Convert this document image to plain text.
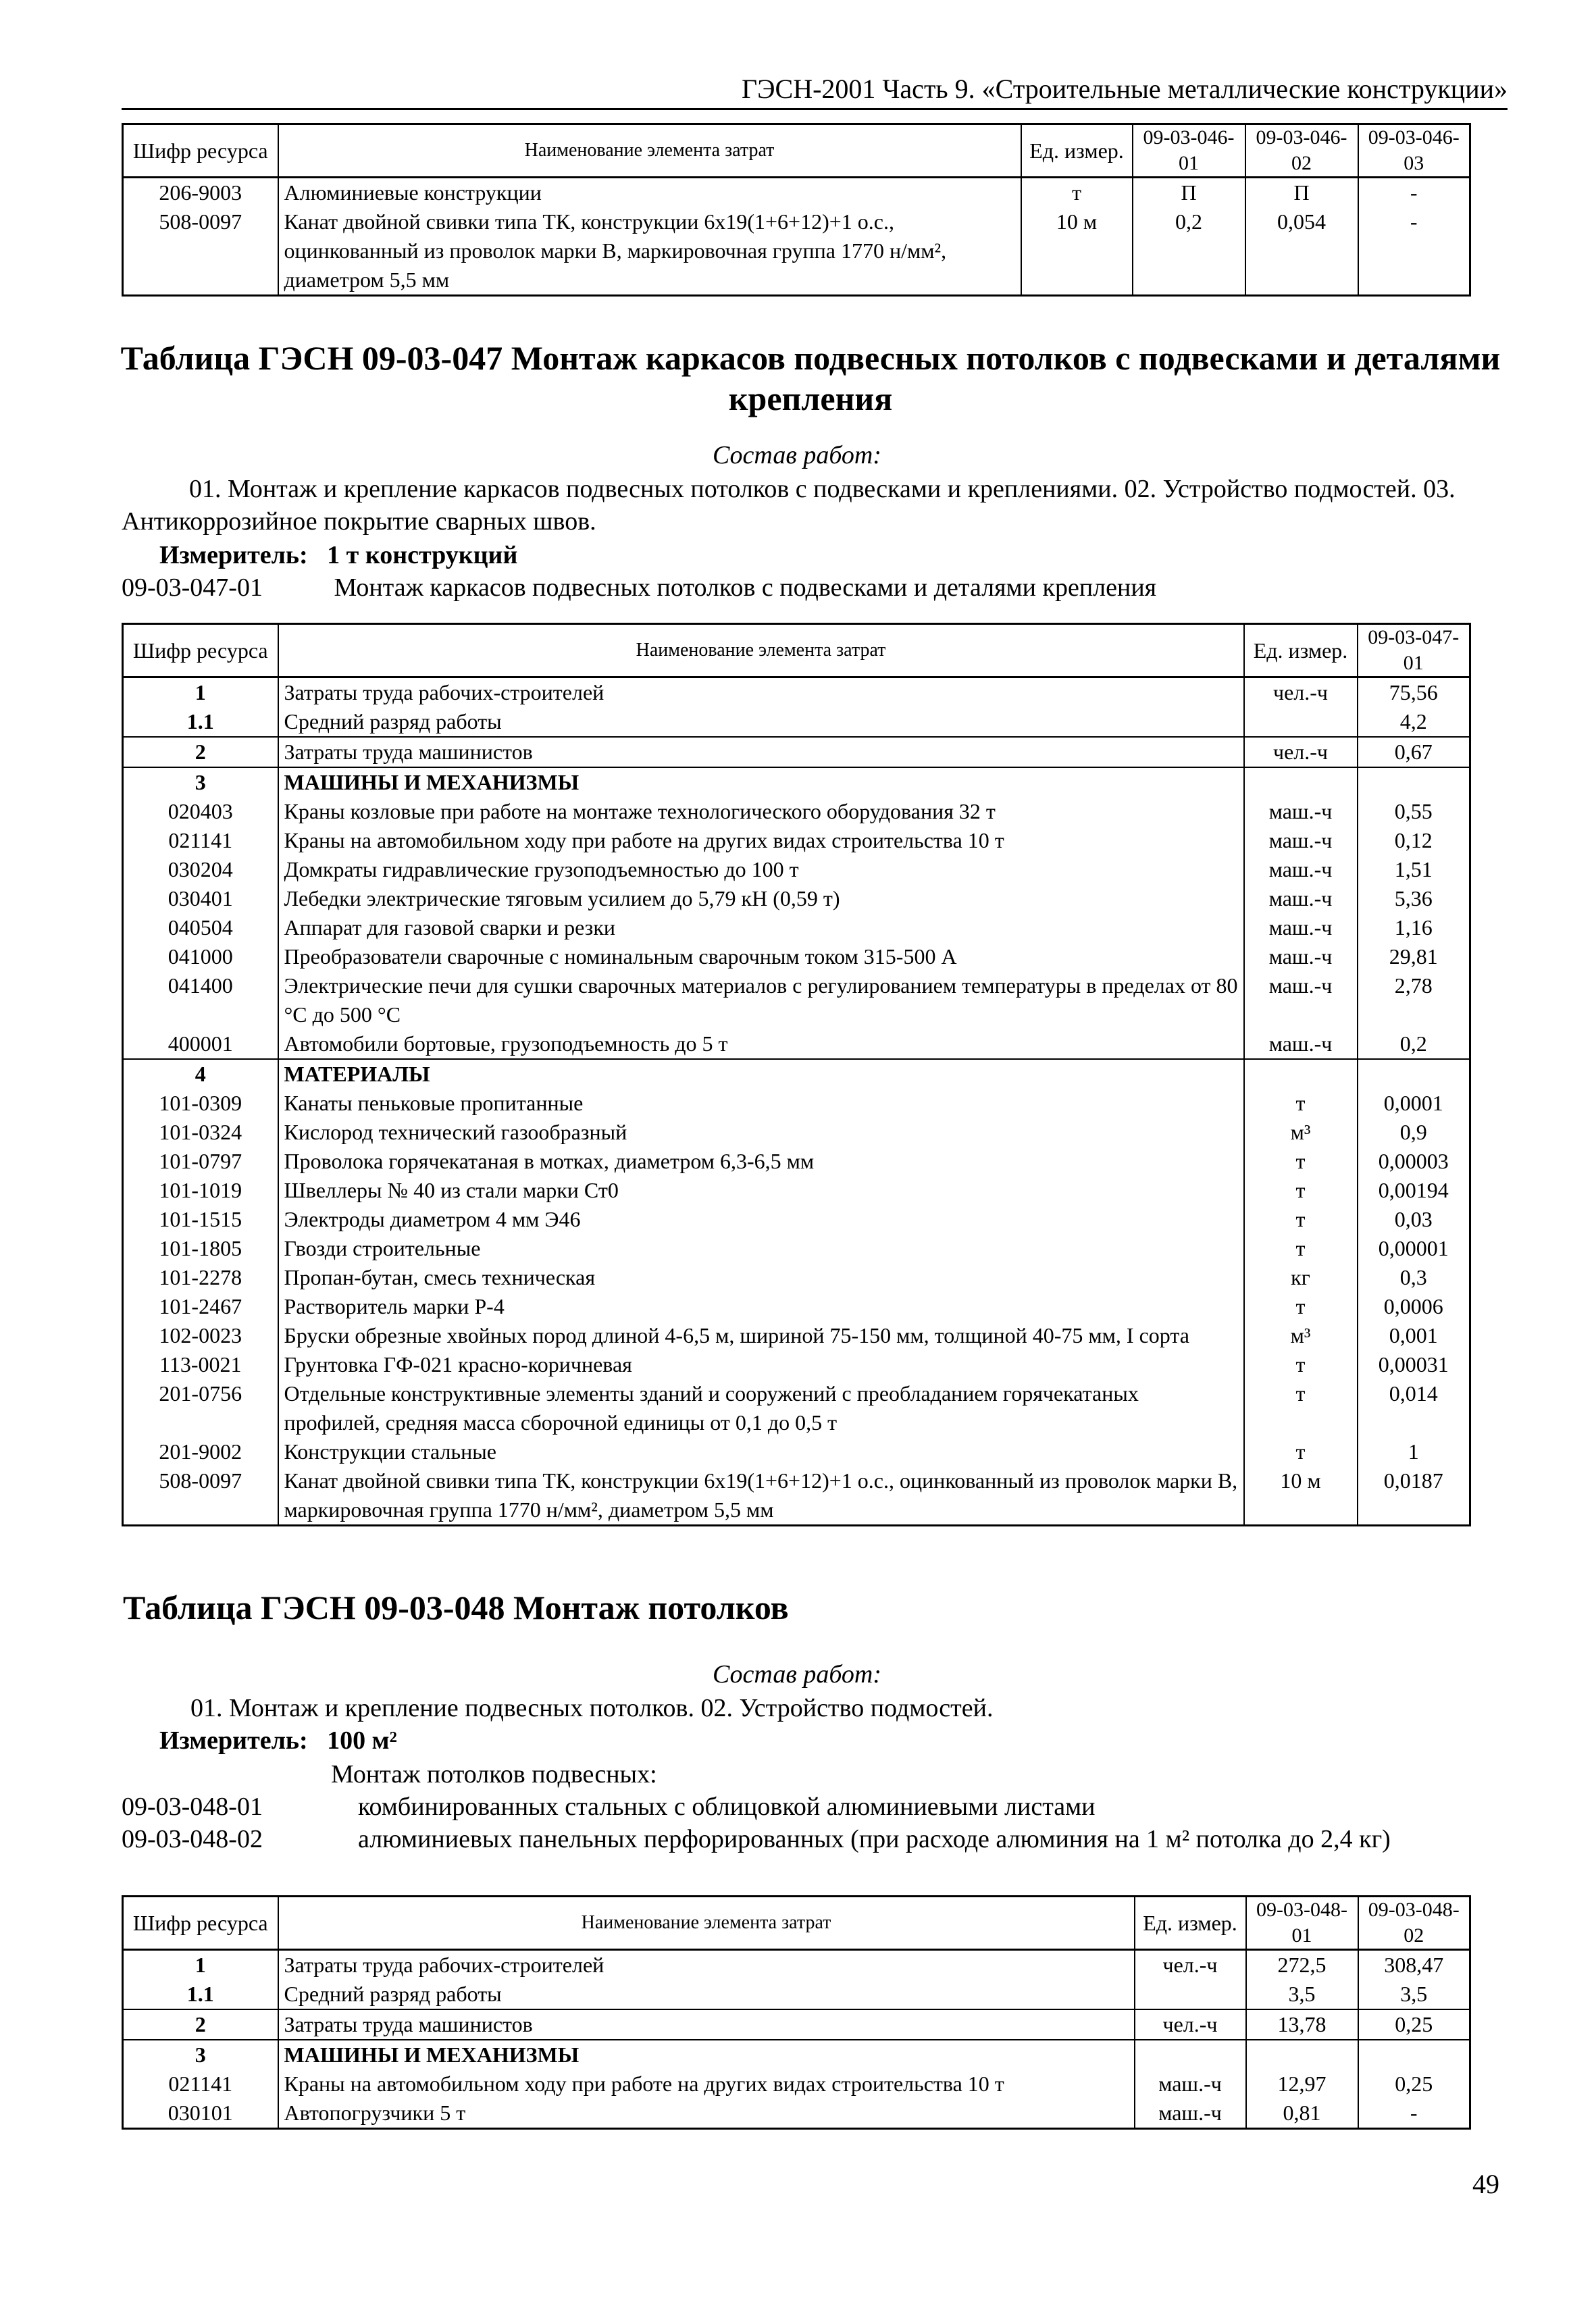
ГЭСН-2001 Часть 9. «Строительные металлические конструкции»
Шифр ресурса	Наименование элемента затрат	Ед. измер.	09-03-046-01	09-03-046-02	09-03-046-03
206-9003	Алюминиевые конструкции	т	П	П	-
508-0097	Канат двойной свивки типа ТК, конструкции 6х19(1+6+12)+1 о.с., оцинкованный из проволок марки В, маркировочная группа 1770 н/мм², диаметром 5,5 мм	10 м	0,2	0,054	-
Таблица ГЭСН 09-03-047 Монтаж каркасов подвесных потолков с подвесками и деталями крепления
Состав работ:
01. Монтаж и крепление каркасов подвесных потолков с подвесками и креплениями. 02. Устройство подмостей. 03. Антикоррозийное покрытие сварных швов.
Измеритель: 1 т конструкций
09-03-047-01	Монтаж каркасов подвесных потолков с подвесками и деталями крепления
Шифр ресурса	Наименование элемента затрат	Ед. измер.	09-03-047-01
1	Затраты труда рабочих-строителей	чел.-ч	75,56
1.1	Средний разряд работы		4,2
2	Затраты труда машинистов	чел.-ч	0,67
3	МАШИНЫ И МЕХАНИЗМЫ		
020403	Краны козловые при работе на монтаже технологического оборудования 32 т	маш.-ч	0,55
021141	Краны на автомобильном ходу при работе на других видах строительства 10 т	маш.-ч	0,12
030204	Домкраты гидравлические грузоподъемностью до 100 т	маш.-ч	1,51
030401	Лебедки электрические тяговым усилием до 5,79 кН (0,59 т)	маш.-ч	5,36
040504	Аппарат для газовой сварки и резки	маш.-ч	1,16
041000	Преобразователи сварочные с номинальным сварочным током 315-500 А	маш.-ч	29,81
041400	Электрические печи для сушки сварочных материалов с регулированием температуры в пределах от 80 °С до 500 °С	маш.-ч	2,78
400001	Автомобили бортовые, грузоподъемность до 5 т	маш.-ч	0,2
4	МАТЕРИАЛЫ		
101-0309	Канаты пеньковые пропитанные	т	0,0001
101-0324	Кислород технический газообразный	м³	0,9
101-0797	Проволока горячекатаная в мотках, диаметром 6,3-6,5 мм	т	0,00003
101-1019	Швеллеры № 40 из стали марки Ст0	т	0,00194
101-1515	Электроды диаметром 4 мм Э46	т	0,03
101-1805	Гвозди строительные	т	0,00001
101-2278	Пропан-бутан, смесь техническая	кг	0,3
101-2467	Растворитель марки Р-4	т	0,0006
102-0023	Бруски обрезные хвойных пород длиной 4-6,5 м, шириной 75-150 мм, толщиной 40-75 мм, I сорта	м³	0,001
113-0021	Грунтовка ГФ-021 красно-коричневая	т	0,00031
201-0756	Отдельные конструктивные элементы зданий и сооружений с преобладанием горячекатаных профилей, средняя масса сборочной единицы от 0,1 до 0,5 т	т	0,014
201-9002	Конструкции стальные	т	1
508-0097	Канат двойной свивки типа ТК, конструкции 6х19(1+6+12)+1 о.с., оцинкованный из проволок марки В, маркировочная группа 1770 н/мм², диаметром 5,5 мм	10 м	0,0187
Таблица ГЭСН 09-03-048 Монтаж потолков
Состав работ:
01. Монтаж и крепление подвесных потолков. 02. Устройство подмостей.
Измеритель: 100 м²
Монтаж потолков подвесных:
09-03-048-01	комбинированных стальных с облицовкой алюминиевыми листами
09-03-048-02	алюминиевых панельных перфорированных (при расходе алюминия на 1 м² потолка до 2,4 кг)
Шифр ресурса	Наименование элемента затрат	Ед. измер.	09-03-048-01	09-03-048-02
1	Затраты труда рабочих-строителей	чел.-ч	272,5	308,47
1.1	Средний разряд работы		3,5	3,5
2	Затраты труда машинистов	чел.-ч	13,78	0,25
3	МАШИНЫ И МЕХАНИЗМЫ			
021141	Краны на автомобильном ходу при работе на других видах строительства 10 т	маш.-ч	12,97	0,25
030101	Автопогрузчики 5 т	маш.-ч	0,81	-
49
